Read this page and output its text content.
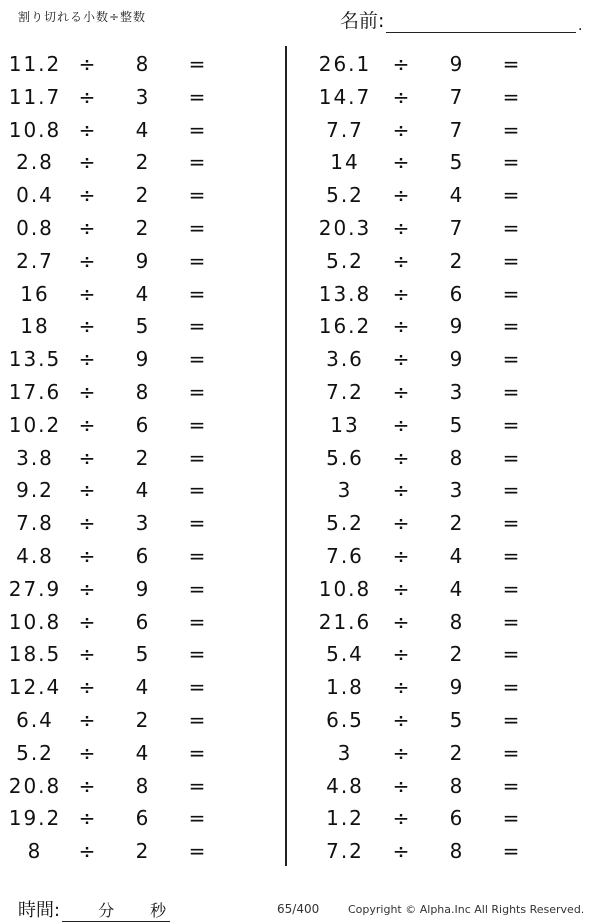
割り切れる小数÷整数	名前:	.
11.2 ÷	8	=
11.7 ÷	3	=
10.8 ÷	4	=
2.8	÷	2	=
0.4	÷	2	=
0.8	÷	2	=
2.7	÷	9	=
16	÷	4	=
18	÷	5	=
13.5 ÷	9	=
17.6 ÷	8	=
10.2 ÷	6	=
3.8	÷	2	=
9.2	÷	4	=
7.8	÷	3	=
4.8	÷	6	=
27.9 ÷	9	=
10.8 ÷	6	=
18.5 ÷	5	=
12.4 ÷	4	=
6.4	÷	2	=
5.2	÷	4	=
20.8 ÷	8	=
19.2 ÷	6	=
8	÷	2	=
26.1	÷	9	=
14.7	÷	7	=
7.7	÷	7	=
14	÷	5	=
5.2	÷	4	=
20.3	÷	7	=
5.2	÷	2	=
13.8	÷	6	=
16.2	÷	9	=
3.6	÷	9	=
7.2	÷	3	=
13	÷	5	=
5.6	÷	8	=
3	÷	3	=
5.2	÷	2	=
7.6	÷	4	=
10.8	÷	4	=
21.6	÷	8	=
5.4	÷	2	=
1.8	÷	9	=
6.5	÷	5	=
3	÷	2	=
4.8	÷	8	=
1.2	÷	6	=
7.2	÷	8	=
時間: 分 秒	65/400	Copyright © Alpha.Inc All Rights Reserved.
